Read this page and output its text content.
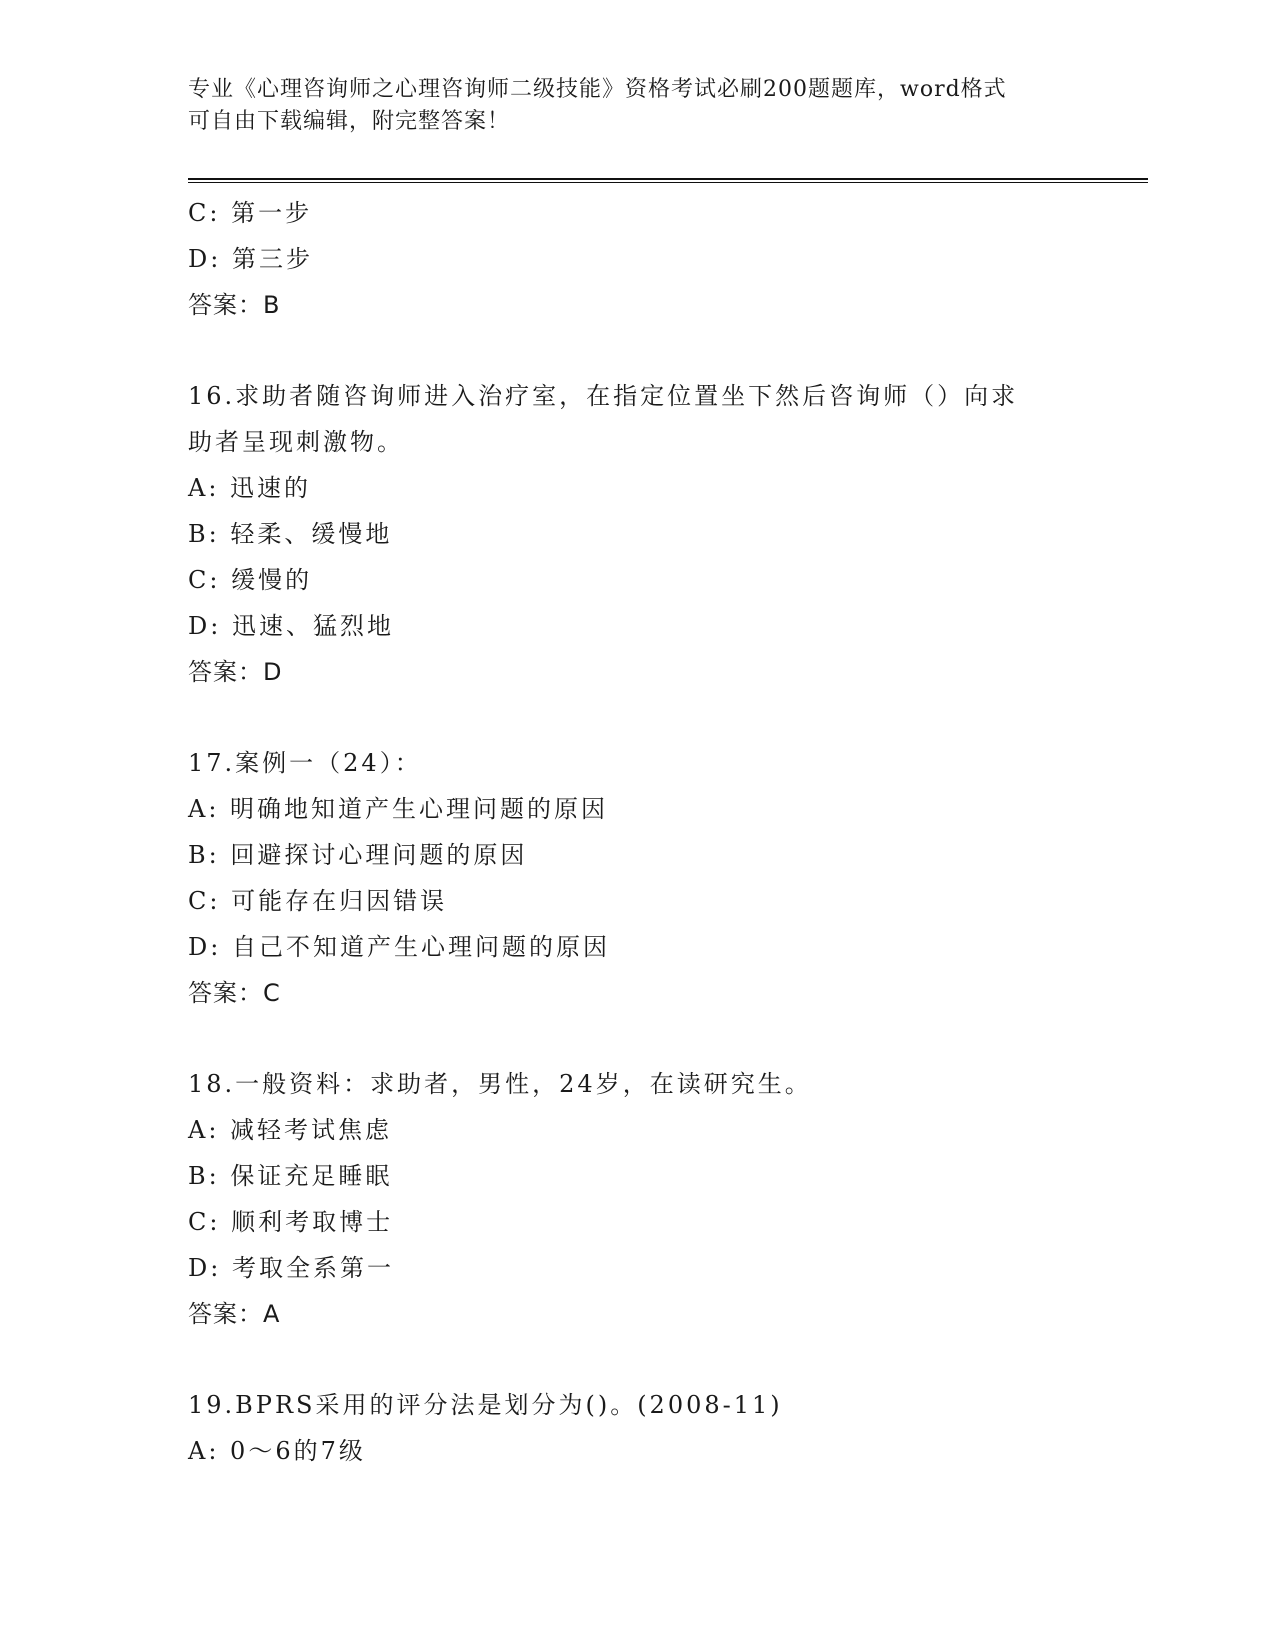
专业《心理咨询师之心理咨询师二级技能》资格考试必刷200题题库，word格式
可自由下载编辑，附完整答案！
C: 第一步
D: 第三步
答案：B
16.求助者随咨询师进入治疗室，在指定位置坐下然后咨询师（）向求
助者呈现刺激物。
A: 迅速的
B: 轻柔、缓慢地
C: 缓慢的
D: 迅速、猛烈地
答案：D
17.案例一（24）：
A: 明确地知道产生心理问题的原因
B: 回避探讨心理问题的原因
C: 可能存在归因错误
D: 自己不知道产生心理问题的原因
答案：C
18.一般资料：求助者，男性，24岁，在读研究生。
A: 减轻考试焦虑
B: 保证充足睡眠
C: 顺利考取博士
D: 考取全系第一
答案：A
19.BPRS采用的评分法是划分为()。(2008-11)
A: 0～6的7级
